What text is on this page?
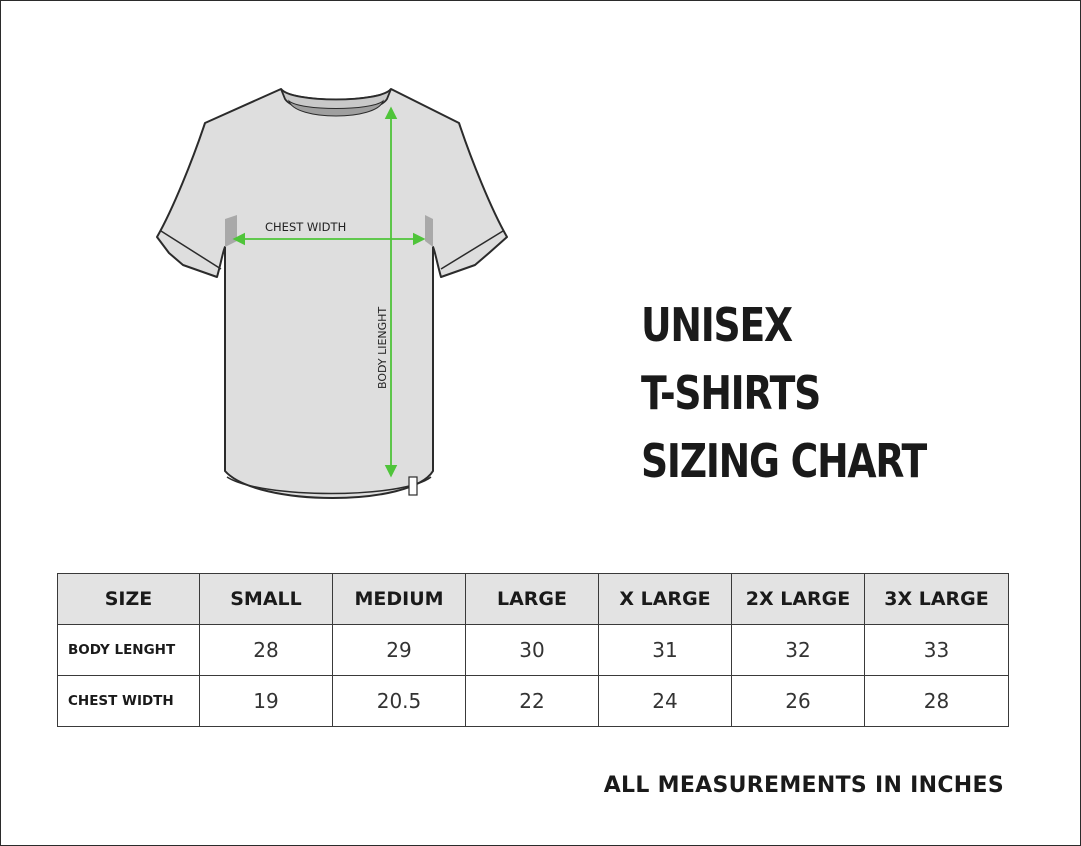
CHEST WIDTH
BODY LIENGHT	UNISEX
T-SHIRTS
SIZING CHART
SIZE	SMALL	MEDIUM	LARGE	X LARGE	2X LARGE	3X LARGE
BODY LENGHT	28	29	30	31	32	33
CHEST WIDTH	19	20.5	22	24	26	28

ALL MEASUREMENTS IN INCHES
